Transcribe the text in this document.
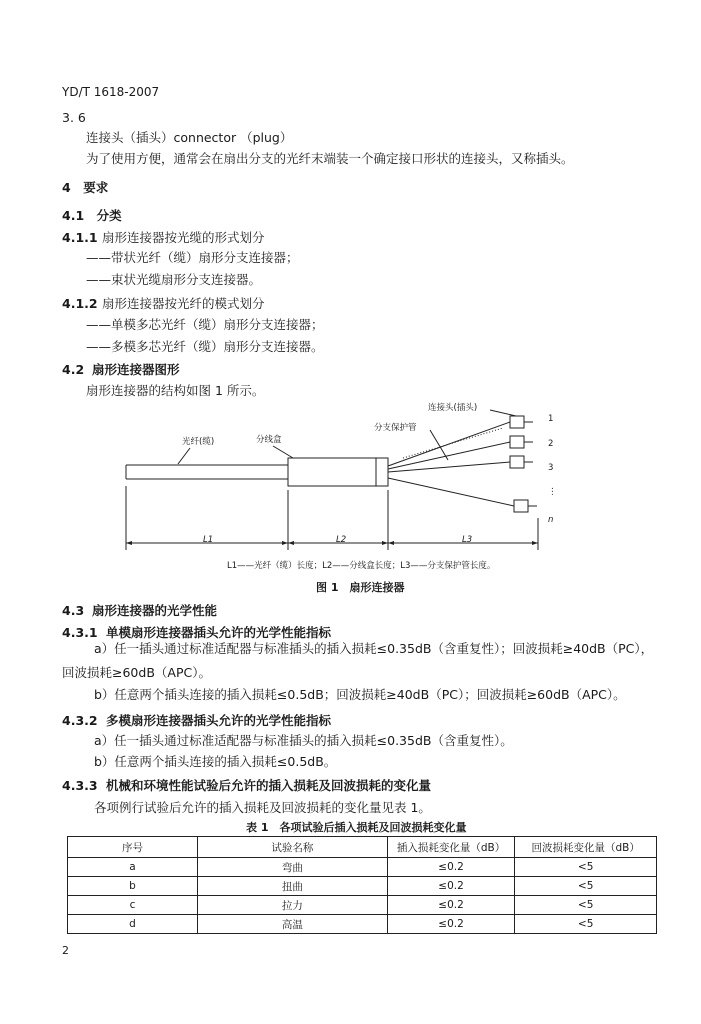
YD/T 1618-2007
3. 6
连接头（插头）connector （plug）
为了使用方便，通常会在扇出分支的光纤末端装一个确定接口形状的连接头，又称插头。
4　要求
4.1　分类
4.1.1 扇形连接器按光缆的形式划分
——带状光纤（缆）扇形分支连接器；
——束状光缆扇形分支连接器。
4.1.2 扇形连接器按光纤的模式划分
——单模多芯光纤（缆）扇形分支连接器；
——多模多芯光纤（缆）扇形分支连接器。
4.2 扇形连接器图形
扇形连接器的结构如图 1 所示。
连接头(插头)
分支保护管
光纤(缆)	分线盒
1
2
3
⋮
n
L1	L2	L3
L1——光纤（缆）长度；L2——分线盒长度；L3——分支保护管长度。
图 1　扇形连接器
4.3 扇形连接器的光学性能
4.3.1 单模扇形连接器插头允许的光学性能指标
a）任一插头通过标准适配器与标准插头的插入损耗≤0.35dB（含重复性）；回波损耗≥40dB（PC），
回波损耗≥60dB（APC）。
b）任意两个插头连接的插入损耗≤0.5dB；回波损耗≥40dB（PC）；回波损耗≥60dB（APC）。
4.3.2 多模扇形连接器插头允许的光学性能指标
a）任一插头通过标准适配器与标准插头的插入损耗≤0.35dB（含重复性）。
b）任意两个插头连接的插入损耗≤0.5dB。
4.3.3 机械和环境性能试验后允许的插入损耗及回波损耗的变化量
各项例行试验后允许的插入损耗及回波损耗的变化量见表 1。
表 1　各项试验后插入损耗及回波损耗变化量
序号	试验名称	插入损耗变化量（dB）	回波损耗变化量（dB）
a	弯曲	≤0.2	<5
b	扭曲	≤0.2	<5
c	拉力	≤0.2	<5
d	高温	≤0.2	<5
2
